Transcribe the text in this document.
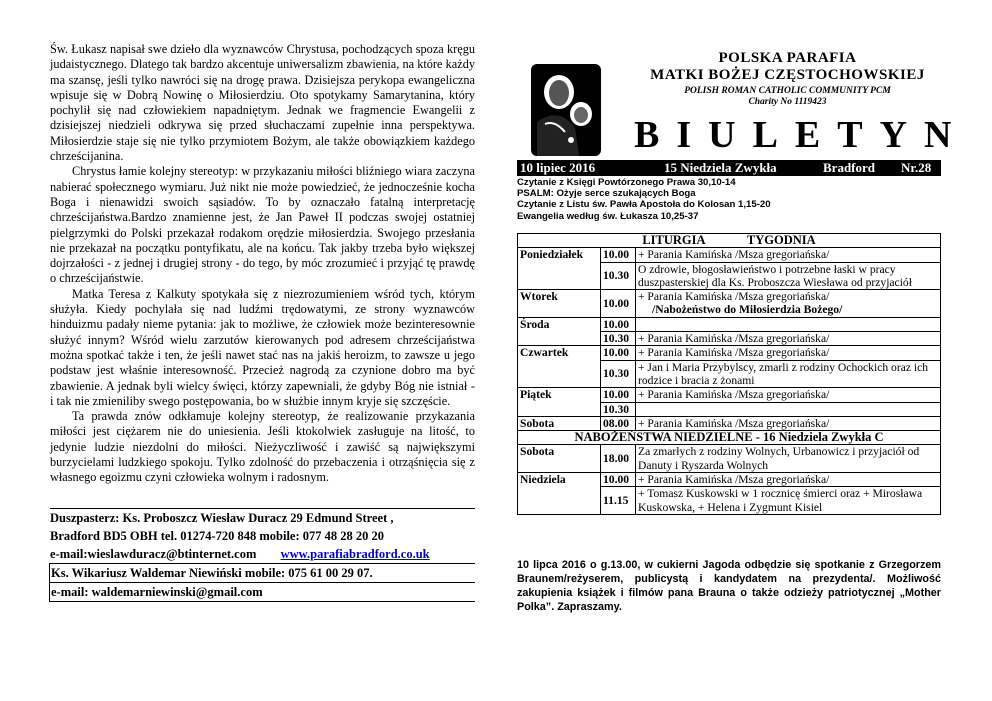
Św. Łukasz napisał swe dzieło dla wyznawców Chrystusa, pochodzących spoza kręgu judaistycznego. Dlatego tak bardzo akcentuje uniwersalizm zbawienia, na które każdy ma szansę, jeśli tylko nawróci się na drogę prawa. Dzisiejsza perykopa ewangeliczna wpisuje się w Dobrą Nowinę o Miłosierdziu. Oto spotykamy Samarytanina, który pochylił się nad człowiekiem napadniętym. Jednak we fragmencie Ewangelii z dzisiejszej niedzieli odkrywa się przed słuchaczami zupełnie inna perspektywa. Miłosierdzie staje się nie tylko przymiotem Bożym, ale także obowiązkiem każdego chrześcijanina.

Chrystus łamie kolejny stereotyp: w przykazaniu miłości bliźniego wiara zaczyna nabierać społecznego wymiaru. Już nikt nie może powiedzieć, że jednocześnie kocha Boga i nienawidzi swoich sąsiadów. To by oznaczało fatalną interpretację chrześcijaństwa.Bardzo znamienne jest, że Jan Paweł II podczas swojej ostatniej pielgrzymki do Polski przekazał rodakom orędzie miłosierdzia. Swojego przesłania nie przekazał na początku pontyfikatu, ale na końcu. Tak jakby trzeba było większej dojrzałości - z jednej i drugiej strony - do tego, by móc zrozumieć i przyjąć tę prawdę o chrześcijaństwie.

Matka Teresa z Kalkuty spotykała się z niezrozumieniem wśród tych, którym służyła. Kiedy pochylała się nad ludźmi trędowatymi, ze strony wyznawców hinduizmu padały nieme pytania: jak to możliwe, że człowiek może bezinteresownie służyć innym? Wśród wielu zarzutów kierowanych pod adresem chrześcijaństwa można spotkać także i ten, że jeśli nawet stać nas na jakiś heroizm, to zawsze u jego podstaw jest właśnie interesowność. Przecież nagrodą za czynione dobro ma być zbawienie. A jednak byli wielcy święci, którzy zapewniali, że gdyby Bóg nie istniał - i tak nie zmieniliby swego postępowania, bo w służbie innym kryje się szczęście.

Ta prawda znów odkłamuje kolejny stereotyp, że realizowanie przykazania miłości jest ciężarem nie do uniesienia. Jeśli ktokolwiek zasługuje na litość, to jedynie ludzie niezdolni do miłości. Nieżyczliwość i zawiść są największymi burzycielami ludzkiego spokoju. Tylko zdolność do przebaczenia i otrząśnięcia się z własnego egoizmu czyni człowieka wolnym i radosnym.

Duszpasterz: Ks. Proboszcz Wiesław Duracz 29 Edmund Street ,
Bradford BD5 OBH tel. 01274-720 848 mobile: 077 48 28 20 20
e-mail:wieslawduracz@btinternet.com www.parafiabradford.co.uk
Ks. Wikariusz Waldemar Niewiński mobile: 075 61 00 29 07.
e-mail: waldemarniewinski@gmail.com
POLSKA PARAFIA
MATKI BOŻEJ CZĘSTOCHOWSKIEJ
POLISH ROMAN CATHOLIC COMMUNITY PCM
Charity No 1119423
BIULETYN
10 lipiec 2016	15 Niedziela Zwykła	Bradford Nr.28
Czytanie z Księgi Powtórzonego Prawa 30,10-14
PSALM: Ożyje serce szukających Boga
Czytanie z Listu św. Pawła Apostoła do Kolosan 1,15-20
Ewangelia według św. Łukasza 10,25-37
LITURGIA TYGODNIA		
Poniedziałek	10.00	+ Parania Kamińska /Msza gregoriańska/
	10.30	O zdrowie, błogosławieństwo i potrzebne łaski w pracy duszpasterskiej dla Ks. Proboszcza Wiesława od przyjaciół
Wtorek	10.00	+ Parania Kamińska /Msza gregoriańska/
/Nabożeństwo do Miłosierdzia Bożego/

Środa	10.00	
	10.30	+ Parania Kamińska /Msza gregoriańska/
Czwartek	10.00	+ Parania Kamińska /Msza gregoriańska/
	10.30	+ Jan i Maria Przybylscy, zmarli z rodziny Ochockich oraz ich rodzice i bracia z żonami
Piątek	10.00	+ Parania Kamińska /Msza gregoriańska/
	10.30	
Sobota	08.00	+ Parania Kamińska /Msza gregoriańska/
NABOŻEŃSTWA NIEDZIELNE - 16 Niedziela Zwykła C		
Sobota	18.00	Za zmarłych z rodziny Wolnych, Urbanowicz i przyjaciół od Danuty i Ryszarda Wolnych
Niedziela	10.00	+ Parania Kamińska /Msza gregoriańska/
	11.15	+ Tomasz Kuskowski w 1 rocznicę śmierci oraz + Mirosława Kuskowska, + Helena i Zygmunt Kisiel
10 lipca 2016 o g.13.00, w cukierni Jagoda odbędzie się spotkanie z Grzegorzem Braunem/reżyserem, publicystą i kandydatem na prezydenta/. Możliwość zakupienia książek i filmów pana Brauna o także odzieży patriotycznej „Mother Polka”. Zapraszamy.
